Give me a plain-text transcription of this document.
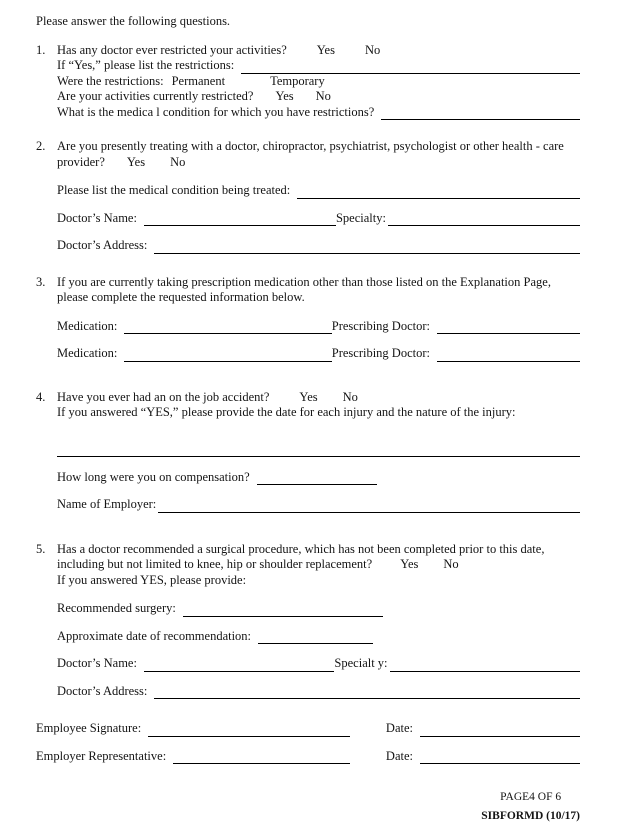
Please answer the following questions.
1. Has any doctor ever restricted your activities? Yes No
If “Yes,” please list the restrictions:
Were the restrictions: Permanent	Temporary
Are your activities currently restricted? Yes No
What is the medica l condition for which you have restrictions?
2. Are you presently treating with a doctor, chiropractor, psychiatrist, psychologist or other health - care provider? Yes No
Please list the medical condition being treated:
Doctor’s Name:	Specialty:
Doctor’s Address:
3. If you are currently taking prescription medication other than those listed on the Explanation Page, please complete the requested information below.
Medication:	Prescribing Doctor:
Medication:	Prescribing Doctor:
4. Have you ever had an on the job accident? Yes No
If you answered “YES,” please provide the date for each injury and the nature of the injury:
How long were you on compensation?
Name of Employer:
5. Has a doctor recommended a surgical procedure, which has not been completed prior to this date, including but not limited to knee, hip or shoulder replacement? Yes No
If you answered YES, please provide:
Recommended surgery:
Approximate date of recommendation:
Doctor’s Name:	Specialt y:
Doctor’s Address:
Employee Signature:	Date:
Employer Representative:	Date:
PAGE4 OF 6
SIBFORMD (10/17)
